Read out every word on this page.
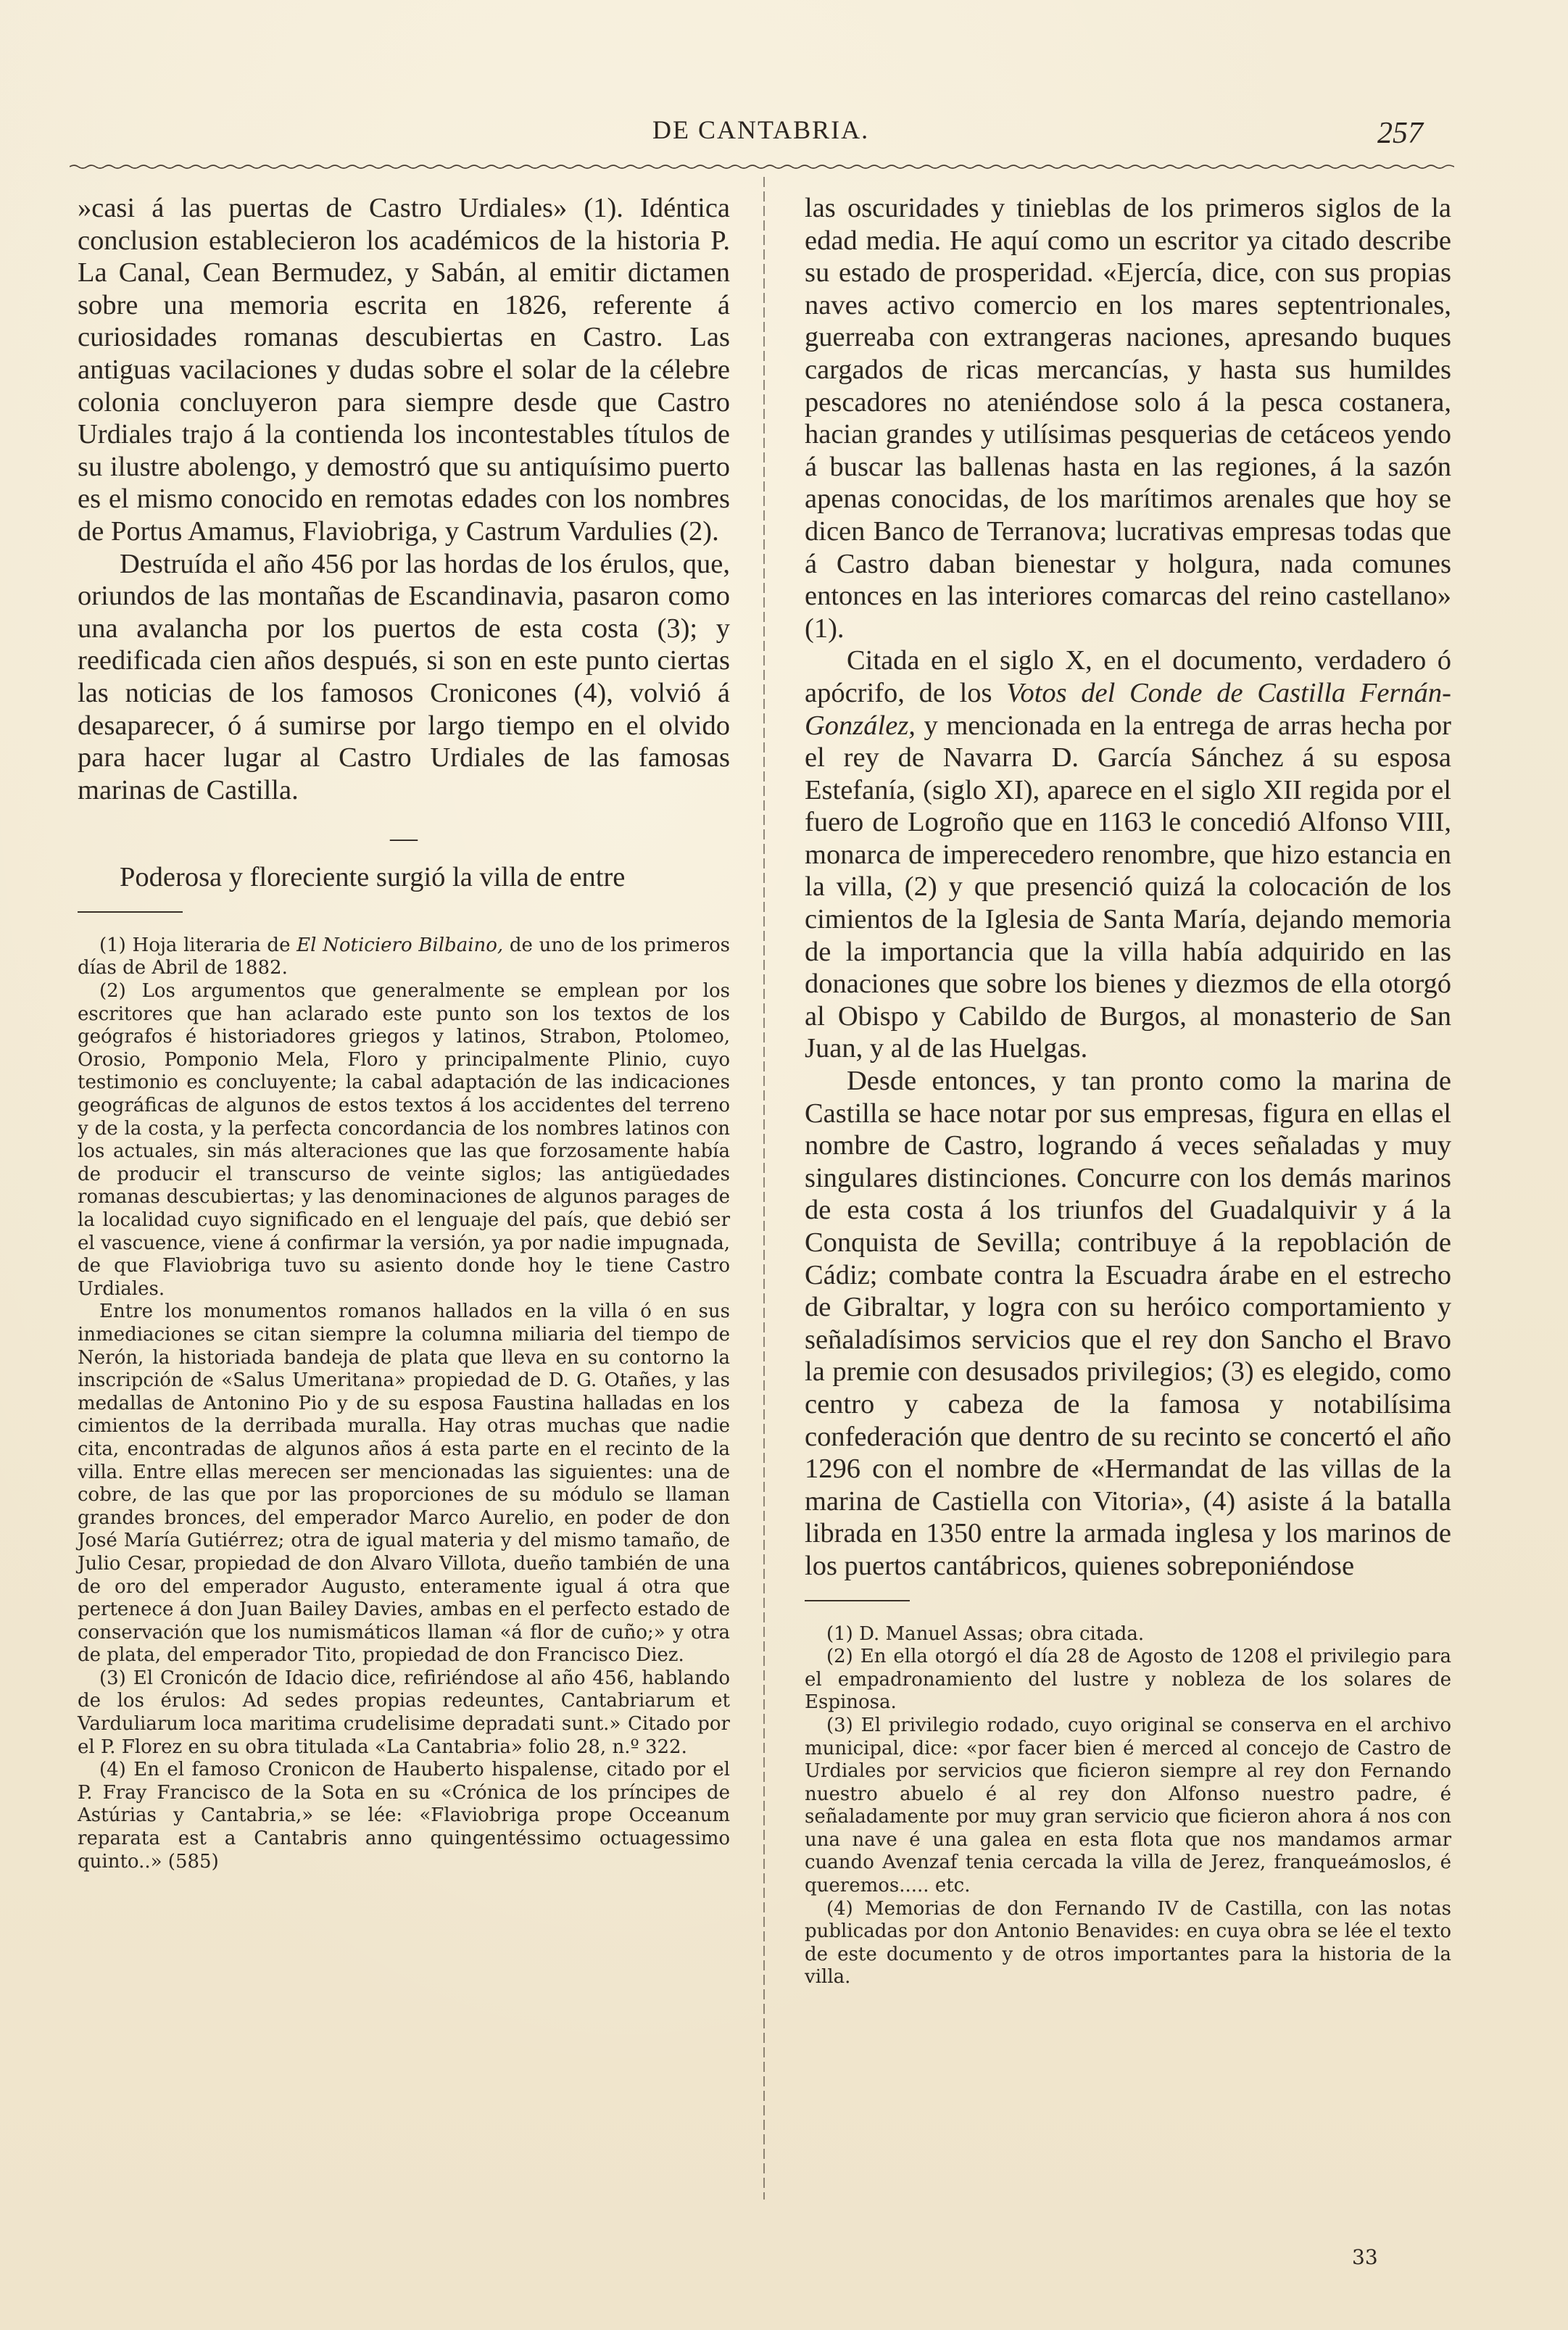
DE CANTABRIA.	257

»casi á las puertas de Castro Urdiales» (1). Idéntica conclusion establecieron los académicos de la historia P. La Canal, Cean Bermudez, y Sabán, al emitir dictamen sobre una memoria escrita en 1826, referente á curiosidades romanas descubiertas en Castro. Las antiguas vacilaciones y dudas sobre el solar de la célebre colonia concluyeron para siempre desde que Castro Urdiales trajo á la contienda los incontestables títulos de su ilustre abolengo, y demostró que su antiquísimo puerto es el mismo conocido en remotas edades con los nombres de Portus Amamus, Flaviobriga, y Castrum Vardulies (2).

Destruída el año 456 por las hordas de los érulos, que, oriundos de las montañas de Escandinavia, pasaron como una avalancha por los puertos de esta costa (3); y reedificada cien años después, si son en este punto ciertas las noticias de los famosos Cronicones (4), volvió á desaparecer, ó á sumirse por largo tiempo en el olvido para hacer lugar al Castro Urdiales de las famosas marinas de Castilla.

—

Poderosa y floreciente surgió la villa de entre

(1) Hoja literaria de El Noticiero Bilbaino, de uno de los primeros días de Abril de 1882.

(2) Los argumentos que generalmente se emplean por los escritores que han aclarado este punto son los textos de los geógrafos é historiadores griegos y latinos, Strabon, Ptolomeo, Orosio, Pomponio Mela, Floro y principalmente Plinio, cuyo testimonio es concluyente; la cabal adaptación de las indicaciones geográficas de algunos de estos textos á los accidentes del terreno y de la costa, y la perfecta concordancia de los nombres latinos con los actuales, sin más alteraciones que las que forzosamente había de producir el transcurso de veinte siglos; las antigüedades romanas descubiertas; y las denominaciones de algunos parages de la localidad cuyo significado en el lenguaje del país, que debió ser el vascuence, viene á confirmar la versión, ya por nadie impugnada, de que Flaviobriga tuvo su asiento donde hoy le tiene Castro Urdiales.

Entre los monumentos romanos hallados en la villa ó en sus inmediaciones se citan siempre la columna miliaria del tiempo de Nerón, la historiada bandeja de plata que lleva en su contorno la inscripción de «Salus Umeritana» propiedad de D. G. Otañes, y las medallas de Antonino Pio y de su esposa Faustina halladas en los cimientos de la derribada muralla. Hay otras muchas que nadie cita, encontradas de algunos años á esta parte en el recinto de la villa. Entre ellas merecen ser mencionadas las siguientes: una de cobre, de las que por las proporciones de su módulo se llaman grandes bronces, del emperador Marco Aurelio, en poder de don José María Gutiérrez; otra de igual materia y del mismo tamaño, de Julio Cesar, propiedad de don Alvaro Villota, dueño también de una de oro del emperador Augusto, enteramente igual á otra que pertenece á don Juan Bailey Davies, ambas en el perfecto estado de conservación que los numismáticos llaman «á flor de cuño;» y otra de plata, del emperador Tito, propiedad de don Francisco Diez.

(3) El Cronicón de Idacio dice, refiriéndose al año 456, hablando de los érulos: Ad sedes propias redeuntes, Cantabriarum et Varduliarum loca maritima crudelisime depradati sunt.» Citado por el P. Florez en su obra titulada «La Cantabria» folio 28, n.º 322.

(4) En el famoso Cronicon de Hauberto hispalense, citado por el P. Fray Francisco de la Sota en su «Crónica de los príncipes de Astúrias y Cantabria,» se lée: «Flaviobriga prope Occeanum reparata est a Cantabris anno quingentéssimo octuagessimo quinto..» (585)

las oscuridades y tinieblas de los primeros siglos de la edad media. He aquí como un escritor ya citado describe su estado de prosperidad. «Ejercía, dice, con sus propias naves activo comercio en los mares septentrionales, guerreaba con extrangeras naciones, apresando buques cargados de ricas mercancías, y hasta sus humildes pescadores no ateniéndose solo á la pesca costanera, hacian grandes y utilísimas pesquerias de cetáceos yendo á buscar las ballenas hasta en las regiones, á la sazón apenas conocidas, de los marítimos arenales que hoy se dicen Banco de Terranova; lucrativas empresas todas que á Castro daban bienestar y holgura, nada comunes entonces en las interiores comarcas del reino castellano» (1).

Citada en el siglo X, en el documento, verdadero ó apócrifo, de los Votos del Conde de Castilla Fernán-González, y mencionada en la entrega de arras hecha por el rey de Navarra D. García Sánchez á su esposa Estefanía, (siglo XI), aparece en el siglo XII regida por el fuero de Logroño que en 1163 le concedió Alfonso VIII, monarca de imperecedero renombre, que hizo estancia en la villa, (2) y que presenció quizá la colocación de los cimientos de la Iglesia de Santa María, dejando memoria de la importancia que la villa había adquirido en las donaciones que sobre los bienes y diezmos de ella otorgó al Obispo y Cabildo de Burgos, al monasterio de San Juan, y al de las Huelgas.

Desde entonces, y tan pronto como la marina de Castilla se hace notar por sus empresas, figura en ellas el nombre de Castro, logrando á veces señaladas y muy singulares distinciones. Concurre con los demás marinos de esta costa á los triunfos del Guadalquivir y á la Conquista de Sevilla; contribuye á la repoblación de Cádiz; combate contra la Escuadra árabe en el estrecho de Gibraltar, y logra con su heróico comportamiento y señaladísimos servicios que el rey don Sancho el Bravo la premie con desusados privilegios; (3) es elegido, como centro y cabeza de la famosa y notabilísima confederación que dentro de su recinto se concertó el año 1296 con el nombre de «Hermandat de las villas de la marina de Castiella con Vitoria», (4) asiste á la batalla librada en 1350 entre la armada inglesa y los marinos de los puertos cantábricos, quienes sobreponiéndose

(1) D. Manuel Assas; obra citada.

(2) En ella otorgó el día 28 de Agosto de 1208 el privilegio para el empadronamiento del lustre y nobleza de los solares de Espinosa.

(3) El privilegio rodado, cuyo original se conserva en el archivo municipal, dice: «por facer bien é merced al concejo de Castro de Urdiales por servicios que ficieron siempre al rey don Fernando nuestro abuelo é al rey don Alfonso nuestro padre, é señaladamente por muy gran servicio que ficieron ahora á nos con una nave é una galea en esta flota que nos mandamos armar cuando Avenzaf tenia cercada la villa de Jerez, franqueámoslos, é queremos..... etc.

(4) Memorias de don Fernando IV de Castilla, con las notas publicadas por don Antonio Benavides: en cuya obra se lée el texto de este documento y de otros importantes para la historia de la villa.

33
